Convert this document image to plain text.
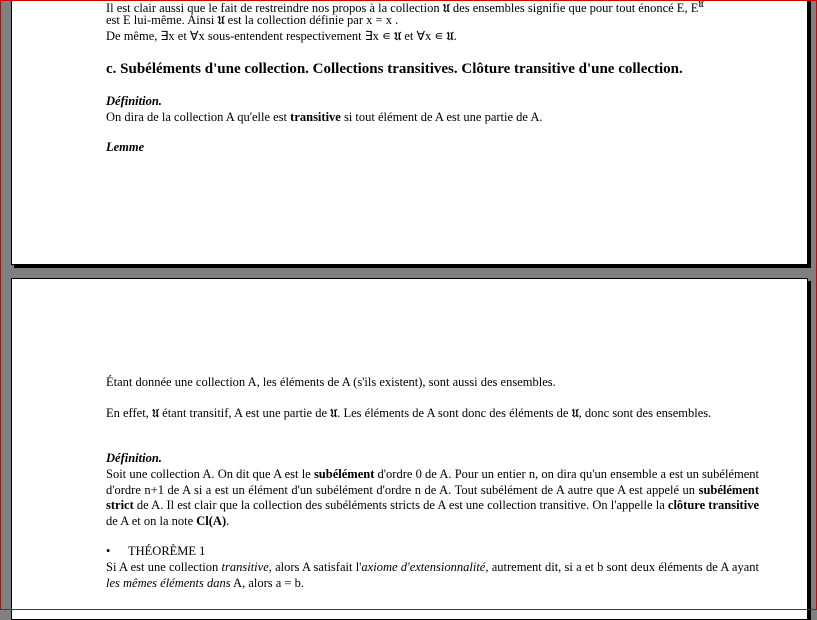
Il est clair aussi que le fait de restreindre nos propos à la collection 𝔘 des ensembles signifie que pour tout énoncé E, $E^𝔘$
est E lui-même. Ainsi 𝔘 est la collection définie par x = x .
De même, ∃x et ∀x sous-entendent respectivement ∃x ∊ 𝔘 et ∀x ∊ 𝔘.
c. Subéléments d'une collection. Collections transitives. Clôture transitive d'une collection.
Définition.
On dira de la collection A qu'elle est transitive si tout élément de A est une partie de A.
Lemme
Étant donnée une collection A, les éléments de A (s'ils existent), sont aussi des ensembles.
En effet, 𝔘 étant transitif, A est une partie de 𝔘. Les éléments de A sont donc des éléments de 𝔘, donc sont des ensembles.
Définition.
Soit une collection A. On dit que A est le subélément d'ordre 0 de A. Pour un entier n, on dira qu'un ensemble a est un subélément d'ordre n+1 de A si a est un élément d'un subélément d'ordre n de A. Tout subélément de A autre que A est appelé un subélément strict de A. Il est clair que la collection des subéléments stricts de A est une collection transitive. On l'appelle la clôture transitive de A et on la note Cl(A).
• THÉORÈME 1
Si A est une collection transitive, alors A satisfait l'axiome d'extensionnalité, autrement dit, si a et b sont deux éléments de A ayant les mêmes éléments dans A, alors a = b.
